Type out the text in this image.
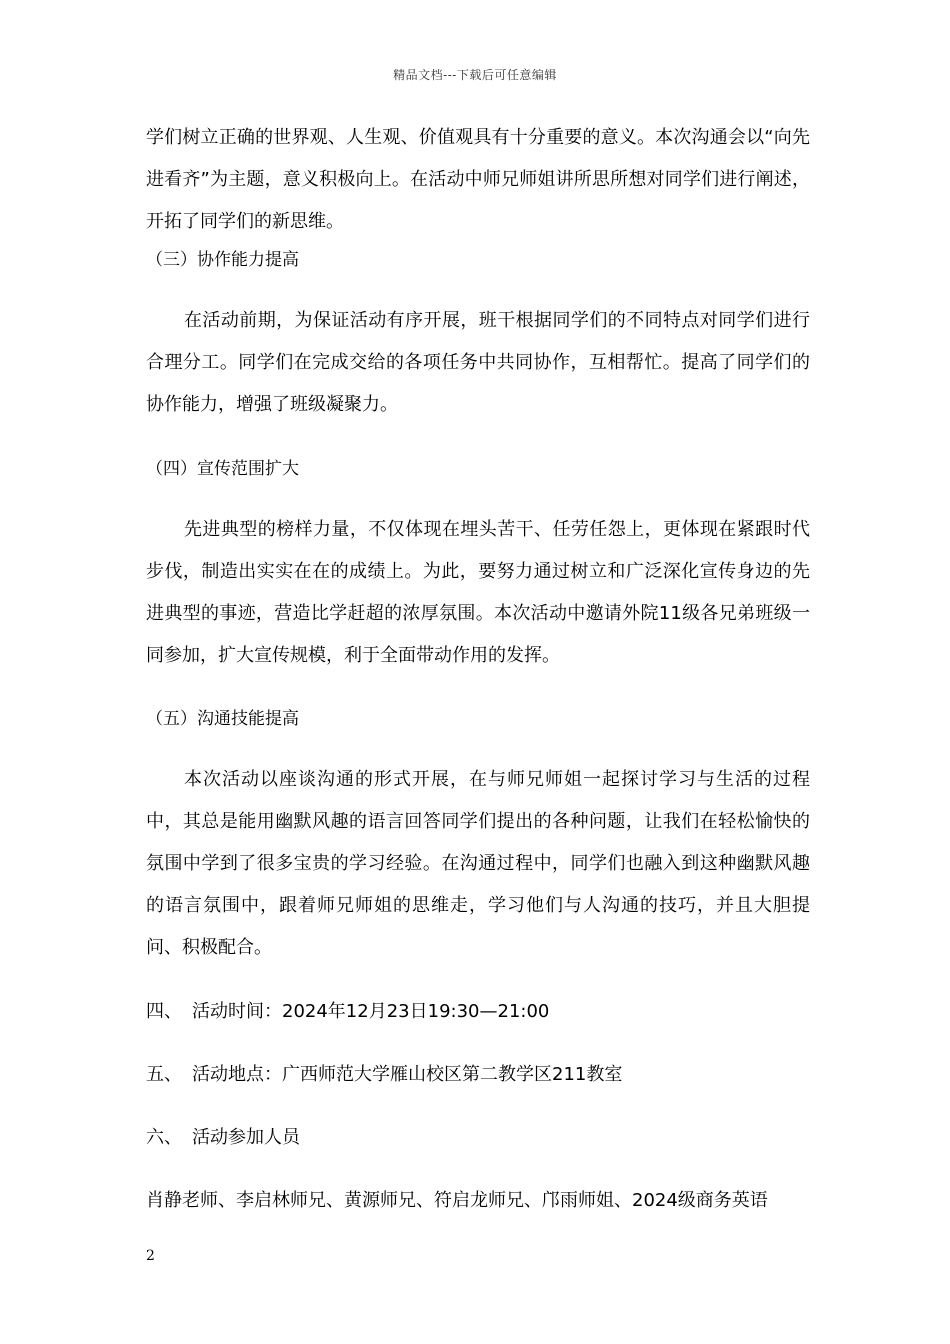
精品文档---下载后可任意编辑

学们树立正确的世界观、人生观、价值观具有十分重要的意义。本次沟通会以“向先进看齐”为主题，意义积极向上。在活动中师兄师姐讲所思所想对同学们进行阐述，开拓了同学们的新思维。

（三）协作能力提高

在活动前期，为保证活动有序开展，班干根据同学们的不同特点对同学们进行合理分工。同学们在完成交给的各项任务中共同协作，互相帮忙。提高了同学们的协作能力，增强了班级凝聚力。

（四）宣传范围扩大

先进典型的榜样力量，不仅体现在埋头苦干、任劳任怨上，更体现在紧跟时代步伐，制造出实实在在的成绩上。为此，要努力通过树立和广泛深化宣传身边的先进典型的事迹，营造比学赶超的浓厚氛围。本次活动中邀请外院11级各兄弟班级一同参加，扩大宣传规模，利于全面带动作用的发挥。

（五）沟通技能提高

本次活动以座谈沟通的形式开展，在与师兄师姐一起探讨学习与生活的过程中，其总是能用幽默风趣的语言回答同学们提出的各种问题，让我们在轻松愉快的氛围中学到了很多宝贵的学习经验。在沟通过程中，同学们也融入到这种幽默风趣的语言氛围中，跟着师兄师姐的思维走，学习他们与人沟通的技巧，并且大胆提问、积极配合。

四、 活动时间：2024年12月23日19:30—21:00

五、 活动地点：广西师范大学雁山校区第二教学区211教室

六、 活动参加人员

肖静老师、李启林师兄、黄源师兄、符启龙师兄、邝雨师姐、2024级商务英语

2
